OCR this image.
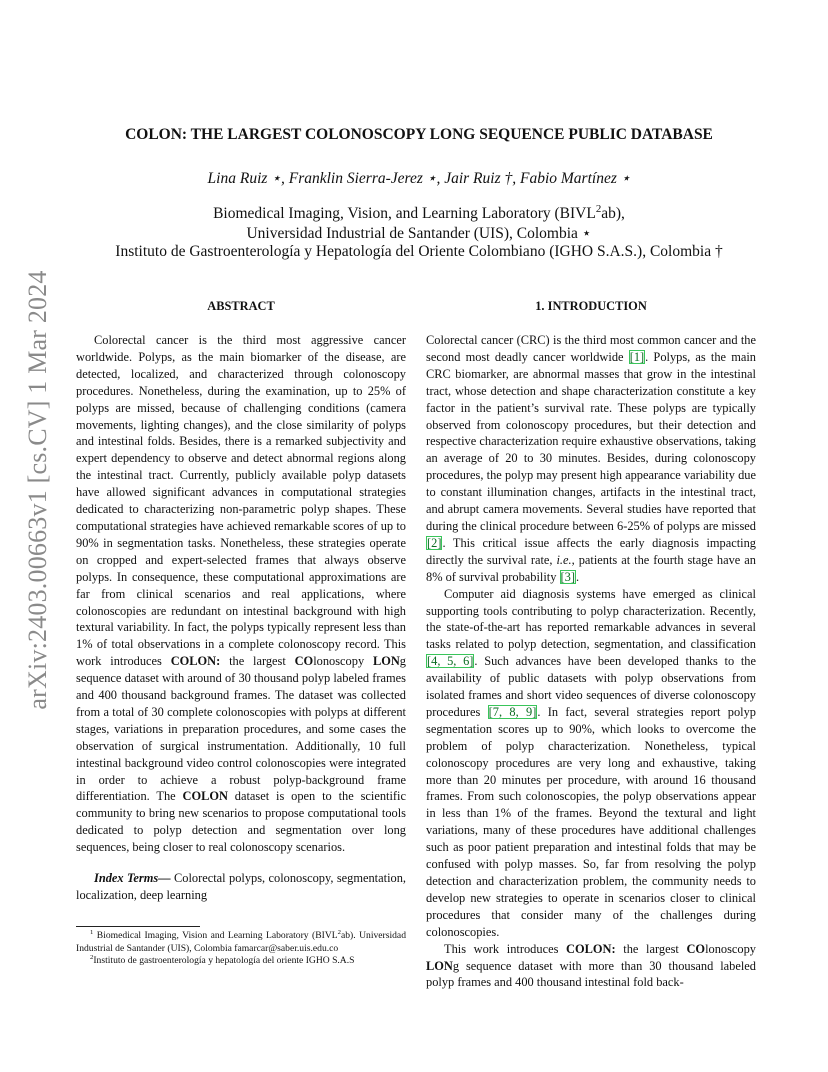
arXiv:2403.00663v1 [cs.CV] 1 Mar 2024
COLON: THE LARGEST COLONOSCOPY LONG SEQUENCE PUBLIC DATABASE
Lina Ruiz ⋆, Franklin Sierra-Jerez ⋆, Jair Ruiz †, Fabio Martínez ⋆
Biomedical Imaging, Vision, and Learning Laboratory (BIVL$^2$ab),
Universidad Industrial de Santander (UIS), Colombia ⋆
Instituto de Gastroenterología y Hepatología del Oriente Colombiano (IGHO S.A.S.), Colombia †
ABSTRACT

Colorectal cancer is the third most aggressive cancer worldwide. Polyps, as the main biomarker of the disease, are detected, localized, and characterized through colonoscopy procedures. Nonetheless, during the examination, up to 25% of polyps are missed, because of challenging conditions (camera movements, lighting changes), and the close similarity of polyps and intestinal folds. Besides, there is a remarked subjectivity and expert dependency to observe and detect abnormal regions along the intestinal tract. Currently, publicly available polyp datasets have allowed significant advances in computational strategies dedicated to characterizing non-parametric polyp shapes. These computational strategies have achieved remarkable scores of up to 90% in segmentation tasks. Nonetheless, these strategies operate on cropped and expert-selected frames that always observe polyps. In consequence, these computational approximations are far from clinical scenarios and real applications, where colonoscopies are redundant on intestinal background with high textural variability. In fact, the polyps typically represent less than 1% of total observations in a complete colonoscopy record. This work introduces COLON: the largest COlonoscopy LONg sequence dataset with around of 30 thousand polyp labeled frames and 400 thousand background frames. The dataset was collected from a total of 30 complete colonoscopies with polyps at different stages, variations in preparation procedures, and some cases the observation of surgical instrumentation. Additionally, 10 full intestinal background video control colonoscopies were integrated in order to achieve a robust polyp-background frame differentiation. The COLON dataset is open to the scientific community to bring new scenarios to propose computational tools dedicated to polyp detection and segmentation over long sequences, being closer to real colonoscopy scenarios.

Index Terms— Colorectal polyps, colonoscopy, segmentation, localization, deep learning

$^1$ Biomedical Imaging, Vision and Learning Laboratory (BIVL$^2$ab). Universidad Industrial de Santander (UIS), Colombia famarcar@saber.uis.edu.co

$^2$Instituto de gastroenterología y hepatología del oriente IGHO S.A.S

1. INTRODUCTION

Colorectal cancer (CRC) is the third most common cancer and the second most deadly cancer worldwide [1]. Polyps, as the main CRC biomarker, are abnormal masses that grow in the intestinal tract, whose detection and shape characterization constitute a key factor in the patient’s survival rate. These polyps are typically observed from colonoscopy procedures, but their detection and respective characterization require exhaustive observations, taking an average of 20 to 30 minutes. Besides, during colonoscopy procedures, the polyp may present high appearance variability due to constant illumination changes, artifacts in the intestinal tract, and abrupt camera movements. Several studies have reported that during the clinical procedure between 6-25% of polyps are missed [2]. This critical issue affects the early diagnosis impacting directly the survival rate, i.e., patients at the fourth stage have an 8% of survival probability [3].

Computer aid diagnosis systems have emerged as clinical supporting tools contributing to polyp characterization. Recently, the state-of-the-art has reported remarkable advances in several tasks related to polyp detection, segmentation, and classification [4, 5, 6]. Such advances have been developed thanks to the availability of public datasets with polyp observations from isolated frames and short video sequences of diverse colonoscopy procedures [7, 8, 9]. In fact, several strategies report polyp segmentation scores up to 90%, which looks to overcome the problem of polyp characterization. Nonetheless, typical colonoscopy procedures are very long and exhaustive, taking more than 20 minutes per procedure, with around 16 thousand frames. From such colonoscopies, the polyp observations appear in less than 1% of the frames. Beyond the textural and light variations, many of these procedures have additional challenges such as poor patient preparation and intestinal folds that may be confused with polyp masses. So, far from resolving the polyp detection and characterization problem, the community needs to develop new strategies to operate in scenarios closer to clinical procedures that consider many of the challenges during colonoscopies.

This work introduces COLON: the largest COlonoscopy LONg sequence dataset with more than 30 thousand labeled polyp frames and 400 thousand intestinal fold back-
